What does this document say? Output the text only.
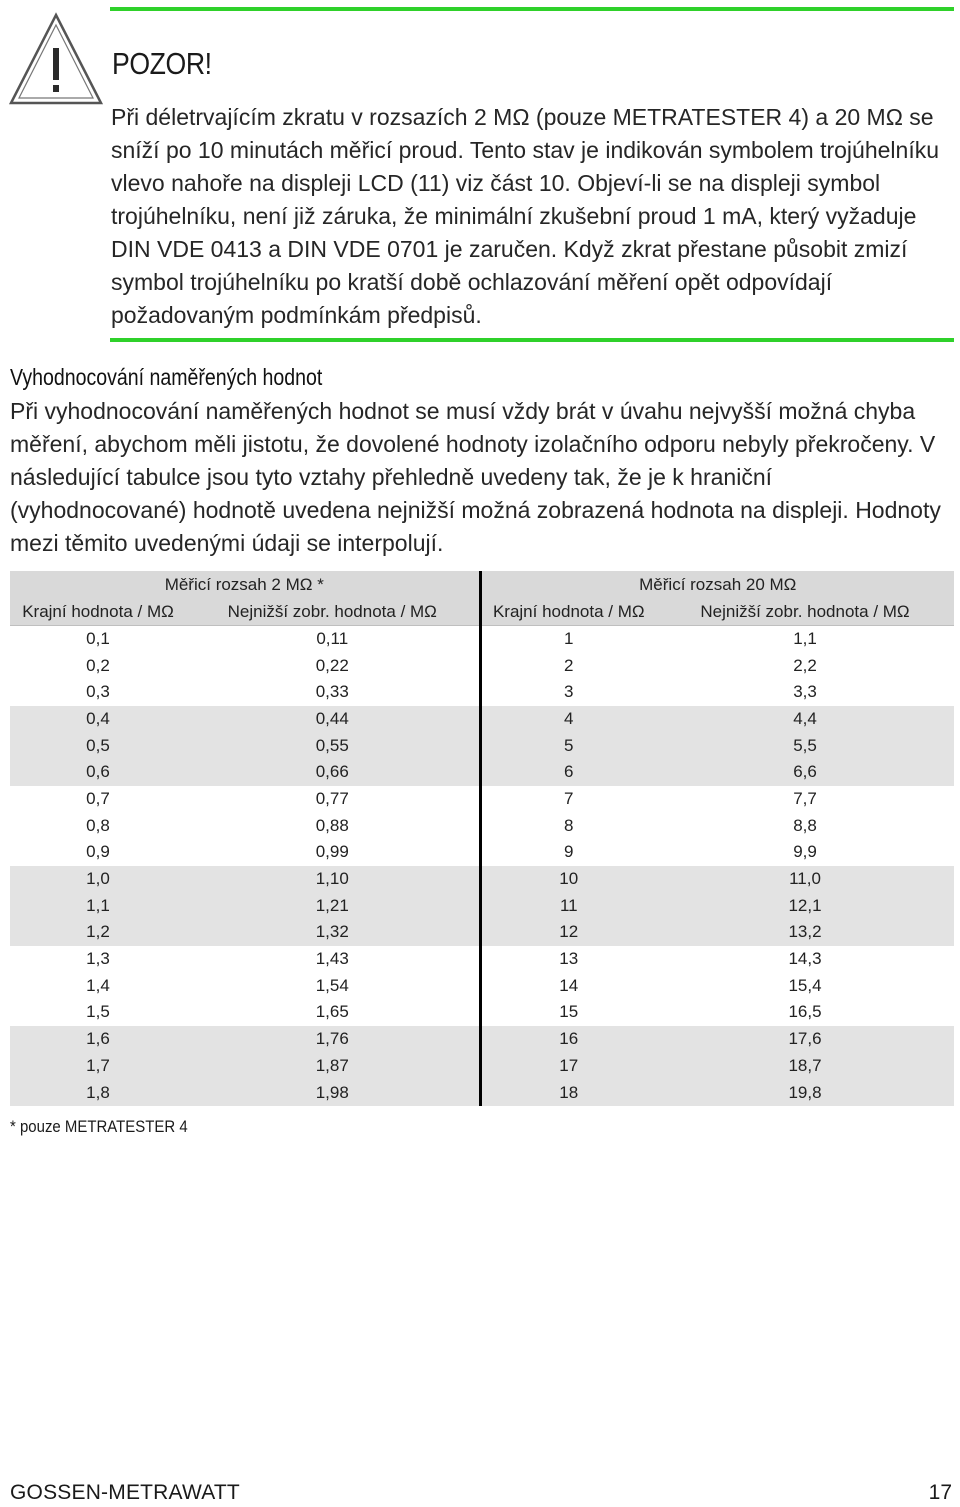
POZOR!
Při déletrvajícím zkratu v rozsazích 2 MΩ (pouze METRATESTER 4) a 20 MΩ se sníží po 10 minutách měřicí proud. Tento stav je indikován symbolem trojúhelníku vlevo nahoře na displeji LCD (11) viz část 10. Objeví-li se na displeji symbol trojúhelníku, není již záruka, že minimální zkušební proud 1 mA, který vyžaduje DIN VDE 0413 a DIN VDE 0701 je zaručen. Když zkrat přestane působit zmizí symbol trojúhelníku po kratší době ochlazování měření opět odpovídají požadovaným podmínkám předpisů.
Vyhodnocování naměřených hodnot
Při vyhodnocování naměřených hodnot se musí vždy brát v úvahu nejvyšší možná chyba měření, abychom měli jistotu, že dovolené hodnoty izolačního odporu nebyly překročeny. V následující tabulce jsou tyto vztahy přehledně uvedeny tak, že je k hraniční (vyhodnocované) hodnotě uvedena nejnižší možná zobrazená hodnota na displeji. Hodnoty mezi těmito uvedenými údaji se interpolují.
Měřicí rozsah 2 MΩ *		Měřicí rozsah 20 MΩ	
Krajní hodnota / MΩ	Nejnižší zobr. hodnota / MΩ	Krajní hodnota / MΩ	Nejnižší zobr. hodnota / MΩ
0,1	0,11	1	1,1
0,2	0,22	2	2,2
0,3	0,33	3	3,3
0,4	0,44	4	4,4
0,5	0,55	5	5,5
0,6	0,66	6	6,6
0,7	0,77	7	7,7
0,8	0,88	8	8,8
0,9	0,99	9	9,9
1,0	1,10	10	11,0
1,1	1,21	11	12,1
1,2	1,32	12	13,2
1,3	1,43	13	14,3
1,4	1,54	14	15,4
1,5	1,65	15	16,5
1,6	1,76	16	17,6
1,7	1,87	17	18,7
1,8	1,98	18	19,8
* pouze METRATESTER 4
GOSSEN-METRAWATT	17
